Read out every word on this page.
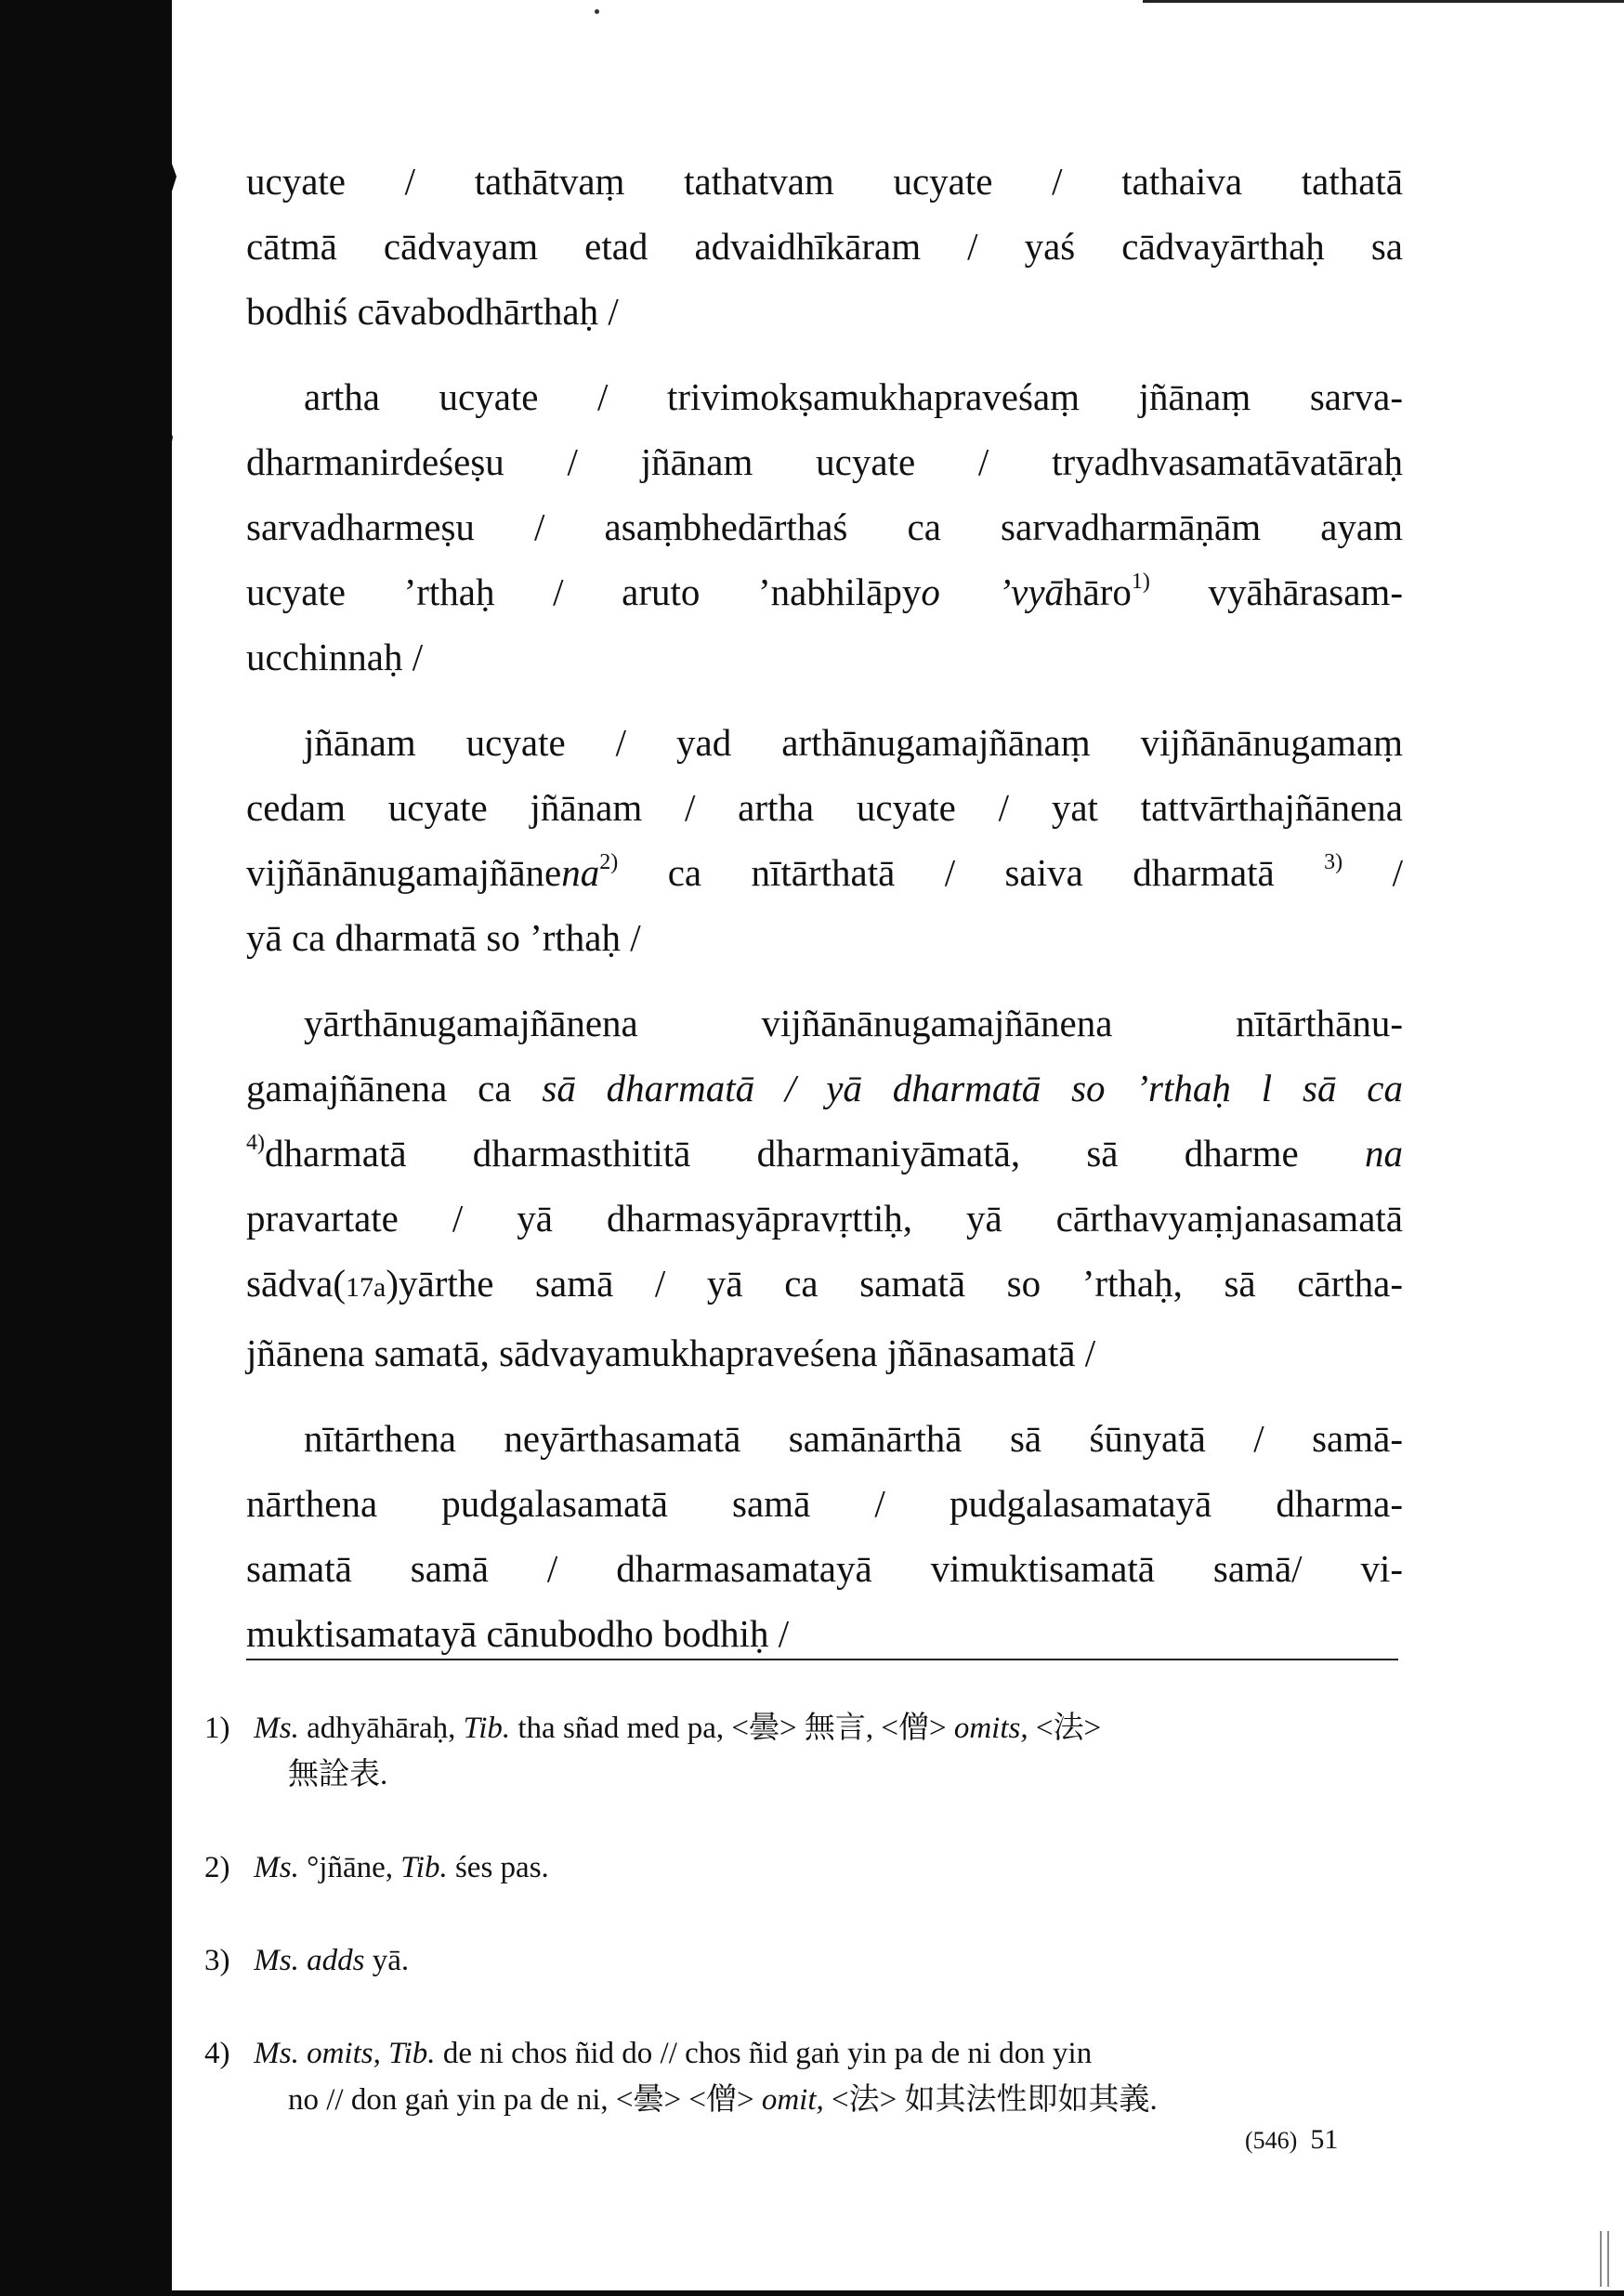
ucyate / tathātvaṃ tathatvam ucyate / tathaiva tathatā
cātmā cādvayam etad advaidhīkāram / yaś cādvayārthaḥ sa
bodhiś cāvabodhārthaḥ /

artha ucyate / trivimokṣamukhapraveśaṃ jñānaṃ sarva-
dharmanirdeśeṣu / jñānam ucyate / tryadhvasamatāvatāraḥ
sarvadharmeṣu / asaṃbhedārthaś ca sarvadharmāṇām ayam
ucyate ’rthaḥ / aruto ’nabhilāpyo ’vyāhāro$^{1)}$ vyāhārasam-
ucchinnaḥ /

jñānam ucyate / yad arthānugamajñānaṃ vijñānānugamaṃ
cedam ucyate jñānam / artha ucyate / yat tattvārthajñānena
vijñānānugamajñānena$^{2)}$ ca nītārthatā / saiva dharmatā $^{3)}$ /
yā ca dharmatā so ’rthaḥ /

yārthānugamajñānena vijñānānugamajñānena nītārthānu-
gamajñānena ca sā dharmatā / yā dharmatā so ’rthaḥ l sā ca
$^{4)}$dharmatā dharmasthititā dharmaniyāmatā, sā dharme na
pravartate / yā dharmasyāpravṛttiḥ, yā cārthavyaṃjanasamatā
sādva(17a)yārthe samā / yā ca samatā so ’rthaḥ, sā cārtha-
jñānena samatā, sādvayamukhapraveśena jñānasamatā /

nītārthena neyārthasamatā samānārthā sā śūnyatā / samā-
nārthena pudgalasamatā samā / pudgalasamatayā dharma-
samatā samā / dharmasamatayā vimuktisamatā samā/ vi-
muktisamatayā cānubodho bodhiḥ /

1) Ms. adhyāhāraḥ, Tib. tha sñad med pa, <曇> 無言, <僧> omits, <法>
無詮表.
2) Ms. °jñāne, Tib. śes pas.
3) Ms. adds yā.
4) Ms. omits, Tib. de ni chos ñid do // chos ñid gaṅ yin pa de ni don yin
no // don gaṅ yin pa de ni, <曇> <僧> omit, <法> 如其法性即如其義.
(546) 51
